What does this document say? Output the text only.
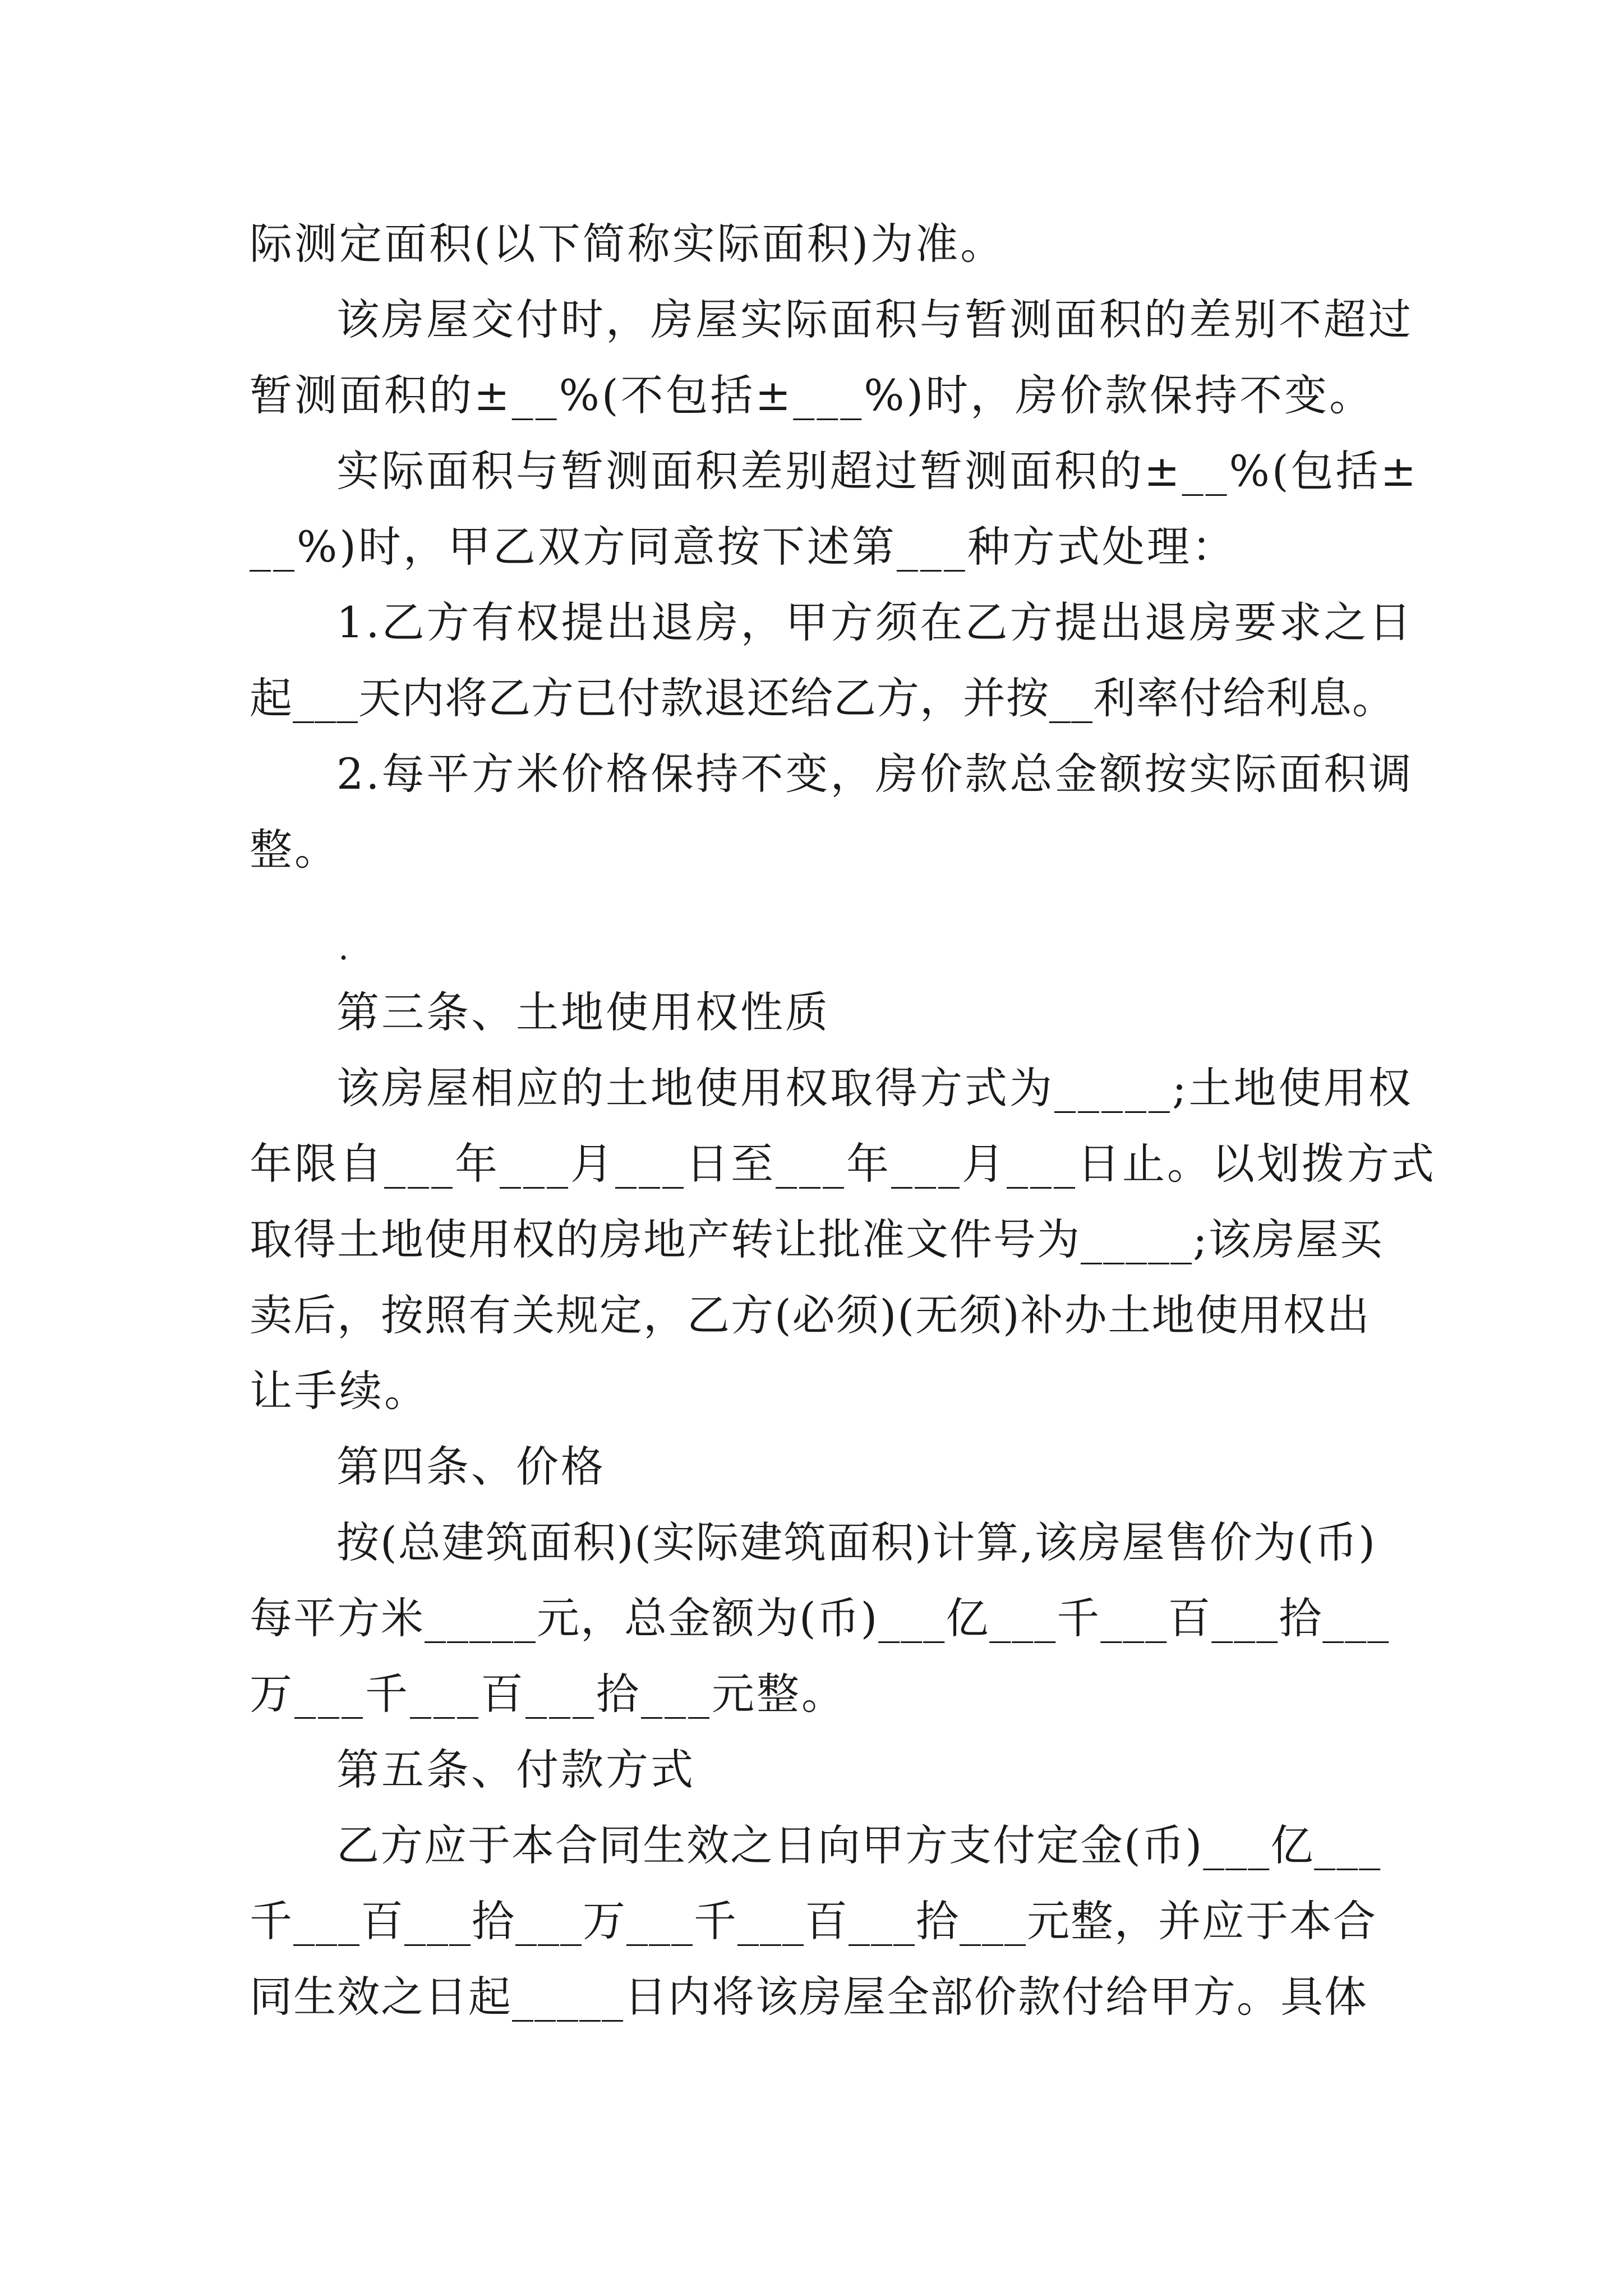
际测定面积(以下简称实际面积)为准。
该房屋交付时，房屋实际面积与暂测面积的差别不超过
暂测面积的±__%(不包括±___%)时，房价款保持不变。
实际面积与暂测面积差别超过暂测面积的±__%(包括±
__%)时，甲乙双方同意按下述第___种方式处理：
1.乙方有权提出退房，甲方须在乙方提出退房要求之日
起___天内将乙方已付款退还给乙方，并按__利率付给利息。
2.每平方米价格保持不变，房价款总金额按实际面积调
整。
.
第三条、土地使用权性质
该房屋相应的土地使用权取得方式为_____;土地使用权
年限自___年___月___日至___年___月___日止。以划拨方式
取得土地使用权的房地产转让批准文件号为_____;该房屋买
卖后，按照有关规定，乙方(必须)(无须)补办土地使用权出
让手续。
第四条、价格
按(总建筑面积)(实际建筑面积)计算,该房屋售价为(币)
每平方米_____元，总金额为(币)___亿___千___百___拾___
万___千___百___拾___元整。
第五条、付款方式
乙方应于本合同生效之日向甲方支付定金(币)___亿___
千___百___拾___万___千___百___拾___元整，并应于本合
同生效之日起_____日内将该房屋全部价款付给甲方。具体
